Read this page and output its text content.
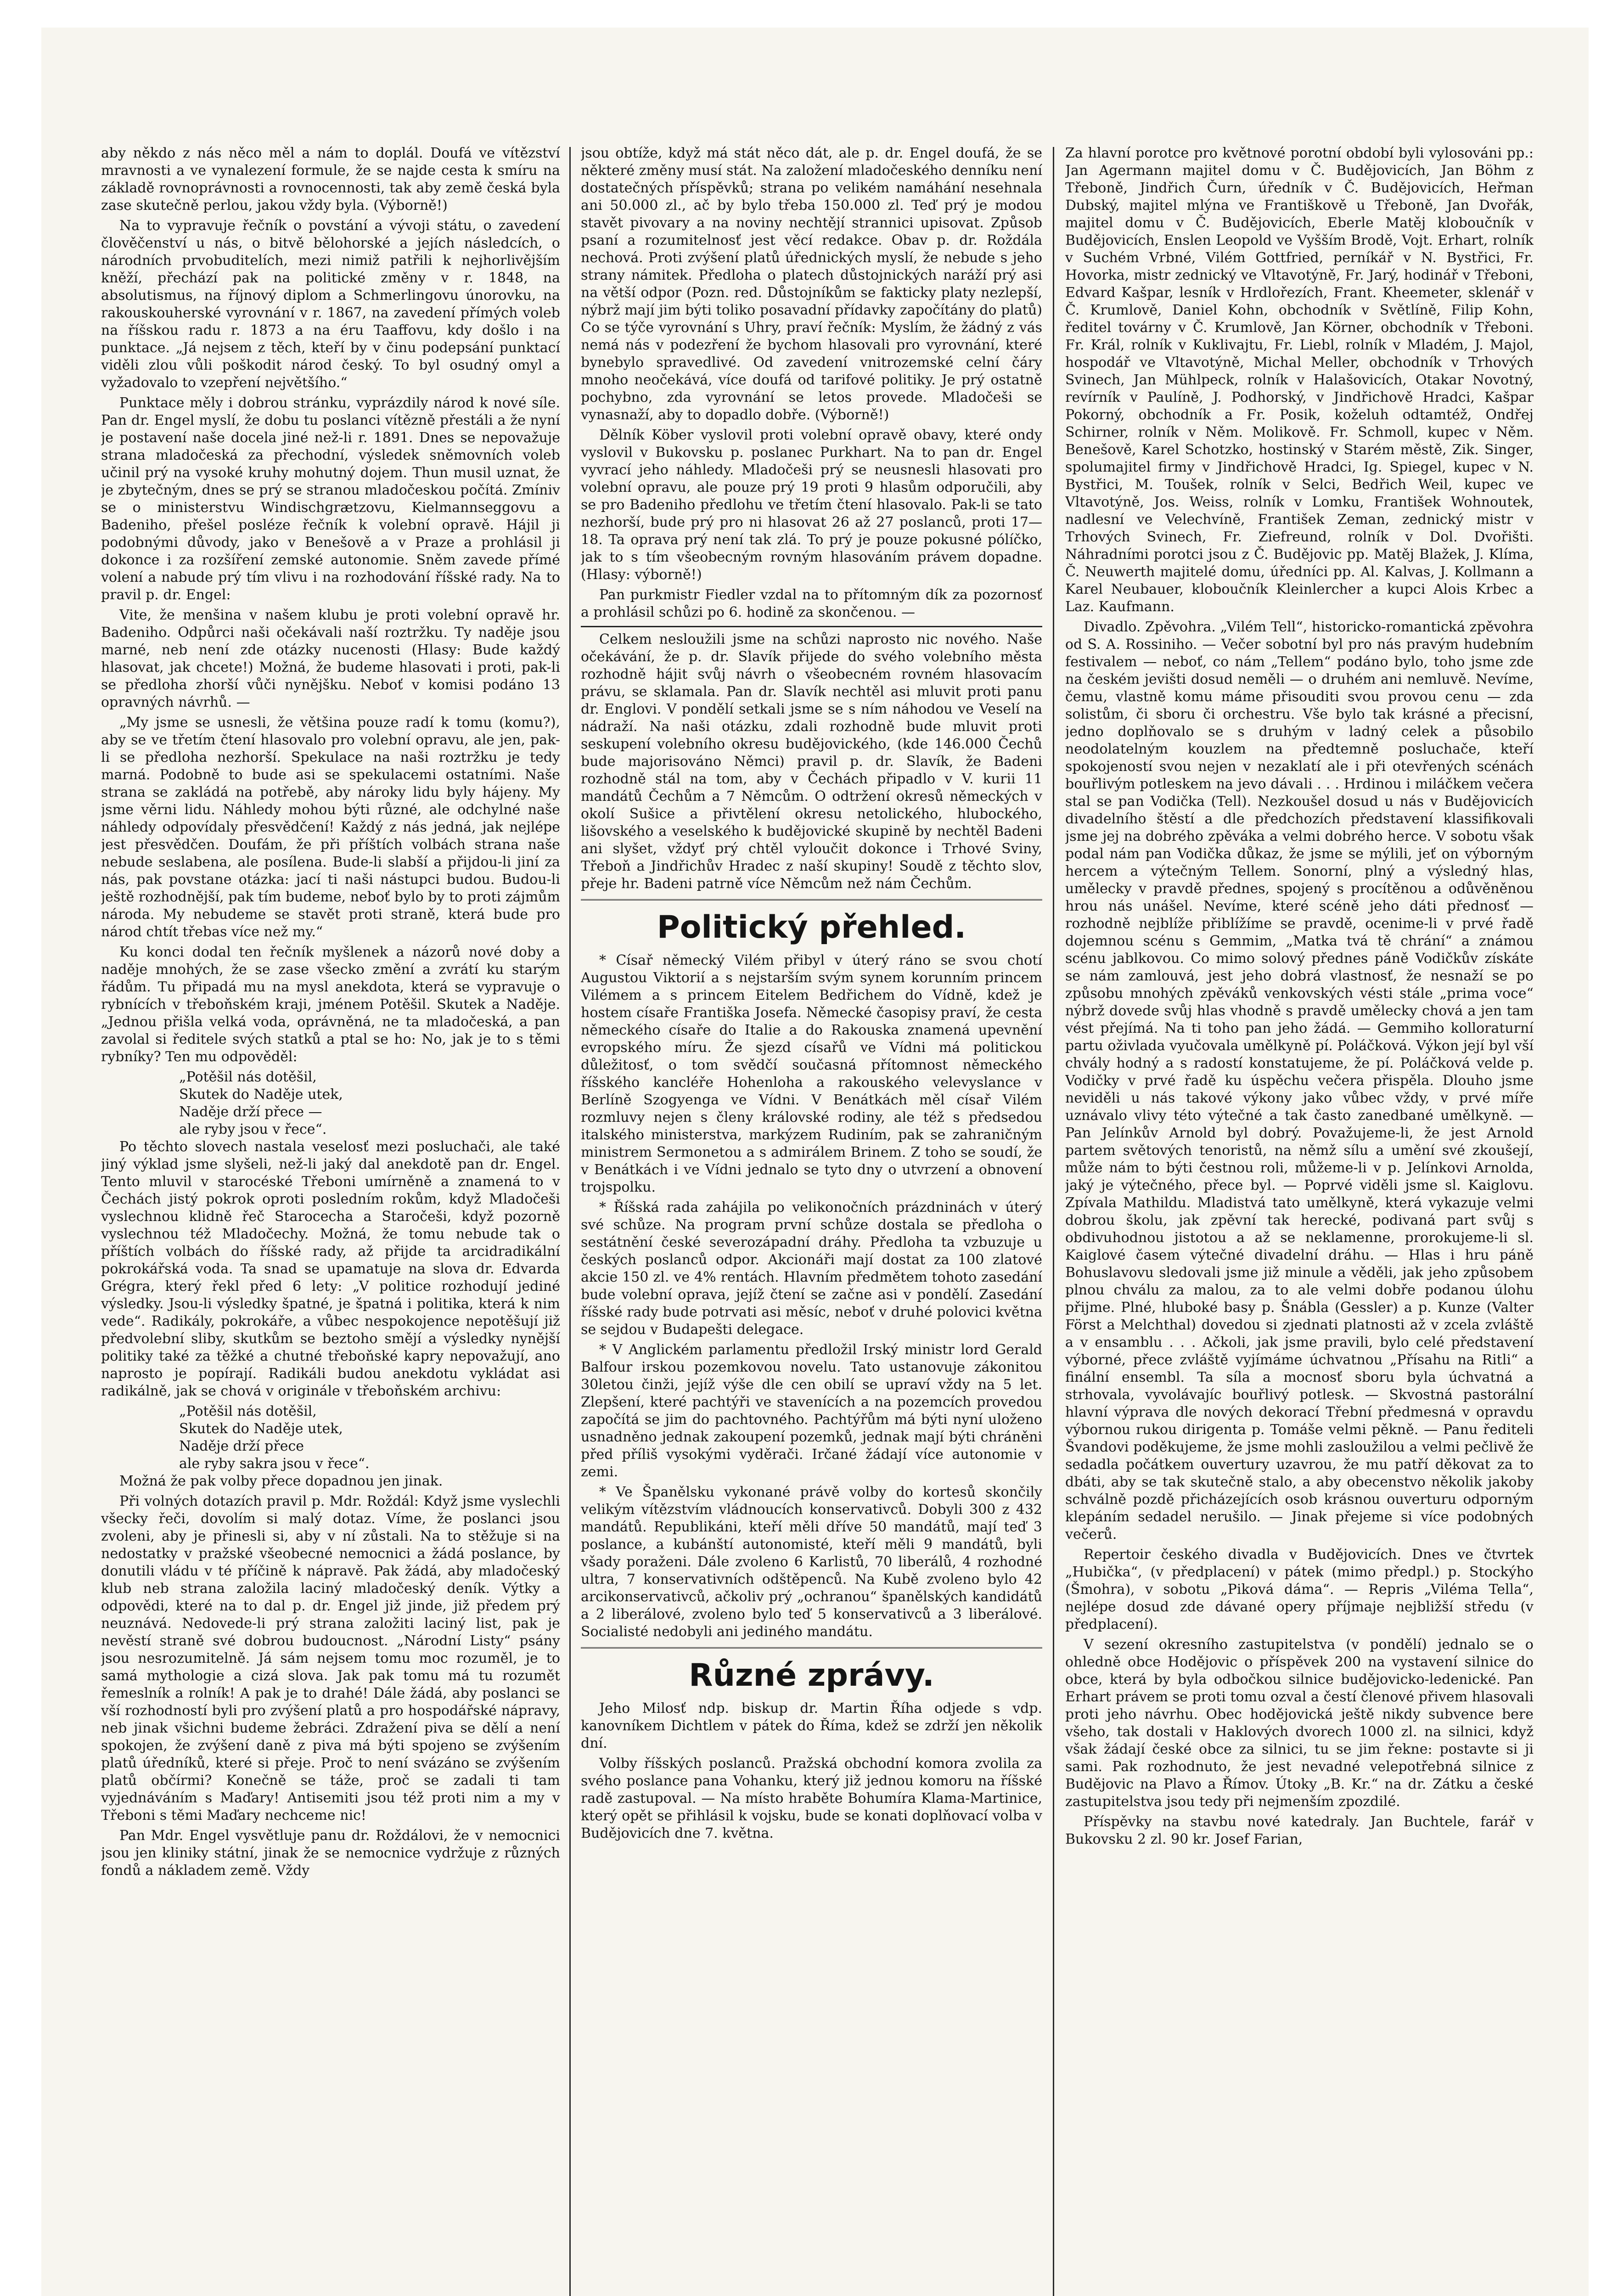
aby někdo z nás něco měl a nám to doplál. Doufá ve vítězství mravnosti a ve vynalezení formule, že se najde cesta k smíru na základě rovnoprávnosti a rovnocennosti, tak aby země česká byla zase skutečně perlou, jakou vždy byla. (Výborně!)

Na to vypravuje řečník o povstání a vývoji státu, o zavedení člověčenství u nás, o bitvě bělohorské a jejích následcích, o národních prvobuditelích, mezi nimiž patřili k nejhorlivějším kněží, přechází pak na politické změny v r. 1848, na absolutismus, na říjnový diplom a Schmerlingovu únorovku, na rakouskouherské vyrovnání v r. 1867, na zavedení přímých voleb na říšskou radu r. 1873 a na éru Taaffovu, kdy došlo i na punktace. „Já nejsem z těch, kteří by v činu podepsání punktací viděli zlou vůli poškodit národ český. To byl osudný omyl a vyžadovalo to vzepření největšího.“

Punktace měly i dobrou stránku, vyprázdily národ k nové síle. Pan dr. Engel myslí, že dobu tu poslanci vítězně přestáli a že nyní je postavení naše docela jiné než-li r. 1891. Dnes se nepovažuje strana mladočeská za přechodní, výsledek sněmovních voleb učinil prý na vysoké kruhy mohutný dojem. Thun musil uznat, že je zbytečným, dnes se prý se stranou mladočeskou počítá. Zmíniv se o ministerstvu Windischgrætzovu, Kielmannseggovu a Badeniho, přešel posléze řečník k volební opravě. Hájil ji podobnými důvody, jako v Benešově a v Praze a prohlásil ji dokonce i za rozšíření zemské autonomie. Sněm zavede přímé volení a nabude prý tím vlivu i na rozhodování říšské rady. Na to pravil p. dr. Engel:

Vite, že menšina v našem klubu je proti volební opravě hr. Badeniho. Odpůrci naši očekávali naší roztržku. Ty naděje jsou marné, neb není zde otázky nucenosti (Hlasy: Bude každý hlasovat, jak chcete!) Možná, že budeme hlasovati i proti, pak-li se předloha zhorší vůči nynějšku. Neboť v komisi podáno 13 opravných návrhů. —

„My jsme se usnesli, že většina pouze radí k tomu (komu?), aby se ve třetím čtení hlasovalo pro volební opravu, ale jen, pak-li se předloha nezhorší. Spekulace na naši roztržku je tedy marná. Podobně to bude asi se spekulacemi ostatními. Naše strana se zakládá na potřebě, aby nároky lidu byly hájeny. My jsme věrni lidu. Náhledy mohou býti různé, ale odchylné naše náhledy odpovídaly přesvědčení! Každý z nás jedná, jak nejlépe jest přesvědčen. Doufám, že při příštích volbách strana naše nebude seslabena, ale posílena. Bude-li slabší a přijdou-li jiní za nás, pak povstane otázka: jací ti naši nástupci budou. Budou-li ještě rozhodnější, pak tím budeme, neboť bylo by to proti zájmům národa. My nebudeme se stavět proti straně, která bude pro národ chtít třebas více než my.“

Ku konci dodal ten řečník myšlenek a názorů nové doby a naděje mnohých, že se zase všecko změní a zvrátí ku starým řádům. Tu připadá mu na mysl anekdota, která se vypravuje o rybnících v třeboňském kraji, jménem Potěšil. Skutek a Naděje. „Jednou přišla velká voda, oprávněná, ne ta mladočeská, a pan zavolal si ředitele svých statků a ptal se ho: No, jak je to s těmi rybníky? Ten mu odpověděl:

„Potěšil nás dotěšil,

Skutek do Naděje utek,

Naděje drží přece —

ale ryby jsou v řece“.

Po těchto slovech nastala veselosť mezi posluchači, ale také jiný výklad jsme slyšeli, než-li jaký dal anekdotě pan dr. Engel. Tento mluvil v starocéské Třeboni umírněně a znamená to v Čechách jistý pokrok oproti posledním rokům, když Mladočeši vyslechnou klidně řeč Starocecha a Staročeši, když pozorně vyslechnou též Mladočechy. Možná, že tomu nebude tak o příštích volbách do říšské rady, až přijde ta arcidradikální pokrokářská voda. Ta snad se upamatuje na slova dr. Edvarda Grégra, který řekl před 6 lety: „V politice rozhodují jediné výsledky. Jsou-li výsledky špatné, je špatná i politika, která k nim vede“. Radikály, pokrokáře, a vůbec nespokojence nepotěšují již předvolební sliby, skutkům se beztoho smějí a výsledky nynější politiky také za těžké a chutné třeboňské kapry nepovažují, ano naprosto je popírají. Radikáli budou anekdotu vykládat asi radikálně, jak se chová v originále v třeboňském archivu:

„Potěšil nás dotěšil,

Skutek do Naděje utek,

Naděje drží přece

ale ryby sakra jsou v řece“.

Možná že pak volby přece dopadnou jen jinak.

Při volných dotazích pravil p. Mdr. Roždál: Když jsme vyslechli všecky řeči, dovolím si malý dotaz. Víme, že poslanci jsou zvoleni, aby je přinesli si, aby v ní zůstali. Na to stěžuje si na nedostatky v pražské všeobecné nemocnici a žádá poslance, by donutili vládu v té příčině k nápravě. Pak žádá, aby mladočeský klub neb strana založila laciný mladočeský deník. Výtky a odpovědi, které na to dal p. dr. Engel již jinde, již předem prý neuznává. Nedovede-li prý strana založiti laciný list, pak je nevěstí straně své dobrou budoucnost. „Národní Listy“ psány jsou nesrozumitelně. Já sám nejsem tomu moc rozuměl, je to samá mythologie a cizá slova. Jak pak tomu má tu rozumět řemeslník a rolník! A pak je to drahé! Dále žádá, aby poslanci se vší rozhodností byli pro zvýšení platů a pro hospodářské nápravy, neb jinak všichni budeme žebráci. Zdražení piva se dělí a není spokojen, že zvýšení daně z piva má býti spojeno se zvýšením platů úředníků, které si přeje. Proč to není svázáno se zvýšením platů občírmi? Konečně se táže, proč se zadali ti tam vyjednáváním s Maďary! Antisemiti jsou též proti nim a my v Třeboni s těmi Maďary nechceme nic!

Pan Mdr. Engel vysvětluje panu dr. Roždálovi, že v nemocnici jsou jen kliniky státní, jinak že se nemocnice vydržuje z různých fondů a nákladem země. Vždy

jsou obtíže, když má stát něco dát, ale p. dr. Engel doufá, že se některé změny musí stát. Na založení mladočeského denníku není dostatečných příspěvků; strana po velikém namáhání nesehnala ani 50.000 zl., ač by bylo třeba 150.000 zl. Teď prý je modou stavět pivovary a na noviny nechtějí strannici upisovat. Způsob psaní a rozumitelnosť jest věcí redakce. Obav p. dr. Roždála nechová. Proti zvýšení platů úřednických myslí, že nebude s jeho strany námitek. Předloha o platech důstojnických naráží prý asi na větší odpor (Pozn. red. Důstojníkům se fakticky platy nezlepší, nýbrž mají jim býti toliko posavadní přídavky započítány do platů) Co se týče vyrovnání s Uhry, praví řečník: Myslím, že žádný z vás nemá nás v podezření že bychom hlasovali pro vyrovnání, které bynebylo spravedlivé. Od zavedení vnitrozemské celní čáry mnoho neočekává, více doufá od tarifové politiky. Je prý ostatně pochybno, zda vyrovnání se letos provede. Mladočeši se vynasnaží, aby to dopadlo dobře. (Výborně!)

Dělník Köber vyslovil proti volební opravě obavy, které ondy vyslovil v Bukovsku p. poslanec Purkhart. Na to pan dr. Engel vyvrací jeho náhledy. Mladočeši prý se neusnesli hlasovati pro volební opravu, ale pouze prý 19 proti 9 hlasům odporučili, aby se pro Badeniho předlohu ve třetím čtení hlasovalo. Pak-li se tato nezhorší, bude prý pro ni hlasovat 26 až 27 poslanců, proti 17—18. Ta oprava prý není tak zlá. To prý je pouze pokusné pólíčko, jak to s tím všeobecným rovným hlasováním právem dopadne. (Hlasy: výborně!)

Pan purkmistr Fiedler vzdal na to přítomným dík za pozornosť a prohlásil schůzi po 6. hodině za skončenou. —

Celkem nesloužili jsme na schůzi naprosto nic nového. Naše očekávání, že p. dr. Slavík přijede do svého volebního města rozhodně hájit svůj návrh o všeobecném rovném hlasovacím právu, se sklamala. Pan dr. Slavík nechtěl asi mluvit proti panu dr. Englovi. V pondělí setkali jsme se s ním náhodou ve Veselí na nádraží. Na naši otázku, zdali rozhodně bude mluvit proti seskupení volebního okresu budějovického, (kde 146.000 Čechů bude majorisováno Němci) pravil p. dr. Slavík, že Badeni rozhodně stál na tom, aby v Čechách připadlo v V. kurii 11 mandátů Čechům a 7 Němcům. O odtržení okresů německých v okolí Sušice a přivtělení okresu netolického, hlubockého, lišovského a veselského k budějovické skupině by nechtěl Badeni ani slyšet, vždyť prý chtěl vyloučit dokonce i Trhové Sviny, Třeboň a Jindřichův Hradec z naší skupiny! Soudě z těchto slov, přeje hr. Badeni patrně více Němcům než nám Čechům.

Politický přehled.

* Císař německý Vilém přibyl v úterý ráno se svou chotí Augustou Viktorií a s nejstarším svým synem korunním princem Vilémem a s princem Eitelem Bedřichem do Vídně, kdež je hostem císaře Františka Josefa. Německé časopisy praví, že cesta německého císaře do Italie a do Rakouska znamená upevnění evropského míru. Že sjezd císařů ve Vídni má politickou důležitosť, o tom svědčí současná přítomnost německého říšského kancléře Hohenloha a rakouského velevyslance v Berlíně Szogyenga ve Vídni. V Benátkách měl císař Vilém rozmluvy nejen s členy královské rodiny, ale též s předsedou italského ministerstva, markýzem Rudiním, pak se zahraničným ministrem Sermonetou a s admirálem Brinem. Z toho se soudí, že v Benátkách i ve Vídni jednalo se tyto dny o utvrzení a obnovení trojspolku.

* Říšská rada zahájila po velikonočních prázdninách v úterý své schůze. Na program první schůze dostala se předloha o sestátnění české severozápadní dráhy. Předloha ta vzbuzuje u českých poslanců odpor. Akcionáři mají dostat za 100 zlatové akcie 150 zl. ve 4% rentách. Hlavním předmětem tohoto zasedání bude volební oprava, jejíž čtení se začne asi v pondělí. Zasedání říšské rady bude potrvati asi měsíc, neboť v druhé polovici května se sejdou v Budapešti delegace.

* V Anglickém parlamentu předložil Irský ministr lord Gerald Balfour irskou pozemkovou novelu. Tato ustanovuje zákonitou 30letou činži, jejíž výše dle cen obilí se upraví vždy na 5 let. Zlepšení, které pachtýři ve stavenících a na pozemcích provedou započítá se jim do pachtovného. Pachtýřům má býti nyní uloženo usnadněno jednak zakoupení pozemků, jednak mají býti chráněni před příliš vysokými vyděrači. Irčané žádají více autonomie v zemi.

* Ve Španělsku vykonané právě volby do kortesů skončily velikým vítězstvím vládnoucích konservativců. Dobyli 300 z 432 mandátů. Republikáni, kteří měli dříve 50 mandátů, mají teď 3 poslance, a kubánští autonomisté, kteří měli 9 mandátů, byli všady poraženi. Dále zvoleno 6 Karlistů, 70 liberálů, 4 rozhodné ultra, 7 konservativních odštěpenců. Na Kubě zvoleno bylo 42 arcikonservativců, ačkoliv prý „ochranou“ španělských kandidátů a 2 liberálové, zvoleno bylo teď 5 konservativců a 3 liberálové. Socialisté nedobyli ani jediného mandátu.

Různé zprávy.

Jeho Milosť ndp. biskup dr. Martin Říha odjede s vdp. kanovníkem Dichtlem v pátek do Říma, kdež se zdrží jen několik dní.

Volby říšských poslanců. Pražská obchodní komora zvolila za svého poslance pana Vohanku, který již jednou komoru na říšské radě zastupoval. — Na místo hraběte Bohumíra Klama-Martinice, který opět se přihlásil k vojsku, bude se konati doplňovací volba v Budějovicích dne 7. května.

Za hlavní porotce pro květnové porotní období byli vylosováni pp.: Jan Agermann majitel domu v Č. Budějovicích, Jan Böhm z Třeboně, Jindřich Čurn, úředník v Č. Budějovicích, Heřman Dubský, majitel mlýna ve Františkově u Třeboně, Jan Dvořák, majitel domu v Č. Budějovicích, Eberle Matěj kloboučník v Budějovicích, Enslen Leopold ve Vyšším Brodě, Vojt. Erhart, rolník v Suchém Vrbné, Vilém Gottfried, perníkář v N. Bystřici, Fr. Hovorka, mistr zednický ve Vltavotýně, Fr. Jarý, hodinář v Třeboni, Edvard Kašpar, lesník v Hrdlořezích, Frant. Kheemeter, sklenář v Č. Krumlově, Daniel Kohn, obchodník v Světlíně, Filip Kohn, ředitel továrny v Č. Krumlově, Jan Körner, obchodník v Třeboni. Fr. Král, rolník v Kuklivajtu, Fr. Liebl, rolník v Mladém, J. Majol, hospodář ve Vltavotýně, Michal Meller, obchodník v Trhových Svinech, Jan Mühlpeck, rolník v Halašovicích, Otakar Novotný, revírník v Paulíně, J. Podhorský, v Jindřichově Hradci, Kašpar Pokorný, obchodník a Fr. Posik, koželuh odtamtéž, Ondřej Schirner, rolník v Něm. Molikově. Fr. Schmoll, kupec v Něm. Benešově, Karel Schotzko, hostinský v Starém městě, Zik. Singer, spolumajitel firmy v Jindřichově Hradci, Ig. Spiegel, kupec v N. Bystřici, M. Toušek, rolník v Selci, Bedřich Weil, kupec ve Vltavotýně, Jos. Weiss, rolník v Lomku, František Wohnoutek, nadlesní ve Velechvíně, František Zeman, zednický mistr v Trhových Svinech, Fr. Ziefreund, rolník v Dol. Dvořišti. Náhradními porotci jsou z Č. Budějovic pp. Matěj Blažek, J. Klíma, Č. Neuwerth majitelé domu, úředníci pp. Al. Kalvas, J. Kollmann a Karel Neubauer, kloboučník Kleinlercher a kupci Alois Krbec a Laz. Kaufmann.

Divadlo. Zpěvohra. „Vilém Tell“, historicko-romantická zpěvohra od S. A. Rossiniho. — Večer sobotní byl pro nás pravým hudebním festivalem — neboť, co nám „Tellem“ podáno bylo, toho jsme zde na českém jevišti dosud neměli — o druhém ani nemluvě. Nevíme, čemu, vlastně komu máme přisouditi svou provou cenu — zda solistům, či sboru či orchestru. Vše bylo tak krásné a přecisní, jedno doplňovalo se s druhým v ladný celek a působilo neodolatelným kouzlem na předtemně posluchače, kteří spokojeností svou nejen v nezaklatí ale i při otevřených scénách bouřlivým potleskem na jevo dávali . . . Hrdinou i miláčkem večera stal se pan Vodička (Tell). Nezkoušel dosud u nás v Budějovicích divadelního štěstí a dle předchozích představení klassifikovali jsme jej na dobrého zpěváka a velmi dobrého herce. V sobotu však podal nám pan Vodička důkaz, že jsme se mýlili, jeť on výborným hercem a výtečným Tellem. Sonorní, plný a výsledný hlas, umělecky v pravdě přednes, spojený s procítěnou a odůvěněnou hrou nás unášel. Nevíme, které scéně jeho dáti přednosť — rozhodně nejblíže přiblížíme se pravdě, ocenime-li v prvé řadě dojemnou scénu s Gemmim, „Matka tvá tě chrání“ a známou scénu jablkovou. Co mimo solový přednes páně Vodičkův získáte se nám zamlouvá, jest jeho dobrá vlastnosť, že nesnaží se po způsobu mnohých zpěváků venkovských vésti stále „prima voce“ nýbrž dovede svůj hlas vhodně s pravdě umělecky chová a jen tam vést přejímá. Na ti toho pan jeho žádá. — Gemmiho kolloraturní partu oživlada vyučovala umělkyně pí. Poláčková. Výkon její byl vší chvály hodný a s radostí konstatujeme, že pí. Poláčková velde p. Vodičky v prvé řadě ku úspěchu večera přispěla. Dlouho jsme neviděli u nás takové výkony jako vůbec vždy, v prvé míře uznávalo vlivy této výtečné a tak často zanedbané umělkyně. — Pan Jelínkův Arnold byl dobrý. Považujeme-li, že jest Arnold partem světových tenoristů, na němž sílu a umění své zkoušejí, může nám to býti čestnou roli, můžeme-li v p. Jelínkovi Arnolda, jaký je výtečného, přece byl. — Poprvé viděli jsme sl. Kaiglovu. Zpívala Mathildu. Mladistvá tato umělkyně, která vykazuje velmi dobrou školu, jak zpěvní tak herecké, podivaná part svůj s obdivuhodnou jistotou a až se neklamenne, prorokujeme-li sl. Kaiglové časem výtečné divadelní dráhu. — Hlas i hru páně Bohuslavovu sledovali jsme již minule a věděli, jak jeho způsobem plnou chválu za malou, za to ale velmi dobře podanou úlohu přijme. Plné, hluboké basy p. Šnábla (Gessler) a p. Kunze (Valter Först a Melchthal) dovedou si zjednati platnosti až v zcela zvláště a v ensamblu . . . Ačkoli, jak jsme pravili, bylo celé představení výborné, přece zvláště vyjímáme úchvatnou „Přísahu na Ritli“ a finální ensembl. Ta síla a mocnosť sboru byla úchvatná a strhovala, vyvolávajíc bouřlivý potlesk. — Skvostná pastorální hlavní výprava dle nových dekorací Třební předmesná v opravdu výbornou rukou dirigenta p. Tomáše velmi pěkně. — Panu řediteli Švandovi poděkujeme, že jsme mohli zasloužilou a velmi pečlivě že sedadla počátkem ouvertury uzavrou, že mu patří děkovat za to dbáti, aby se tak skutečně stalo, a aby obecenstvo několik jakoby schválně pozdě přicházejících osob krásnou ouverturu odporným klepáním sedadel nerušilo. — Jinak přejeme si více podobných večerů.

Repertoir českého divadla v Budějovicích. Dnes ve čtvrtek „Hubička“, (v předplacení) v pátek (mimo předpl.) p. Stockýho (Šmohra), v sobotu „Piková dáma“. — Repris „Viléma Tella“, nejlépe dosud zde dávané opery příjmaje nejbližší středu (v předplacení).

V sezení okresního zastupitelstva (v pondělí) jednalo se o ohledně obce Hodějovic o příspěvek 200 na vystavení silnice do obce, která by byla odbočkou silnice budějovicko-ledenické. Pan Erhart právem se proti tomu ozval a čestí členové přivem hlasovali proti jeho návrhu. Obec hodějovická ještě nikdy subvence bere všeho, tak dostali v Haklových dvorech 1000 zl. na silnici, když však žádají české obce za silnici, tu se jim řekne: postavte si ji sami. Pak rozhodnuto, že jest nevadné velepotřebná silnice z Budějovic na Plavo a Římov. Útoky „B. Kr.“ na dr. Zátku a české zastupitelstva jsou tedy při nejmenším zpozdilé.

Příspěvky na stavbu nové katedraly. Jan Buchtele, farář v Bukovsku 2 zl. 90 kr. Josef Farian,
